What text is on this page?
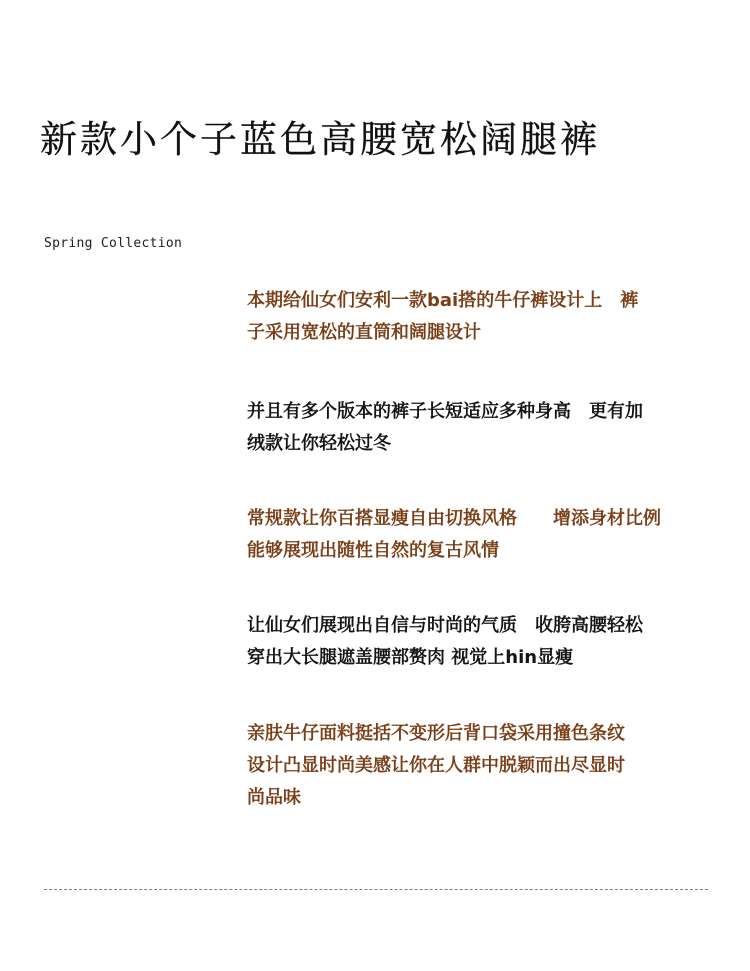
新款小个子蓝色高腰宽松阔腿裤
Spring Collection
本期给仙女们安利一款bai搭的牛仔裤设计上　裤
子采用宽松的直筒和阔腿设计
并且有多个版本的裤子长短适应多种身高　更有加
绒款让你轻松过冬
常规款让你百搭显瘦自由切换风格　　增添身材比例
能够展现出随性自然的复古风情
让仙女们展现出自信与时尚的气质　收胯高腰轻松
穿出大长腿遮盖腰部赘肉 视觉上hin显瘦
亲肤牛仔面料挺括不变形后背口袋采用撞色条纹
设计凸显时尚美感让你在人群中脱颖而出尽显时
尚品味
